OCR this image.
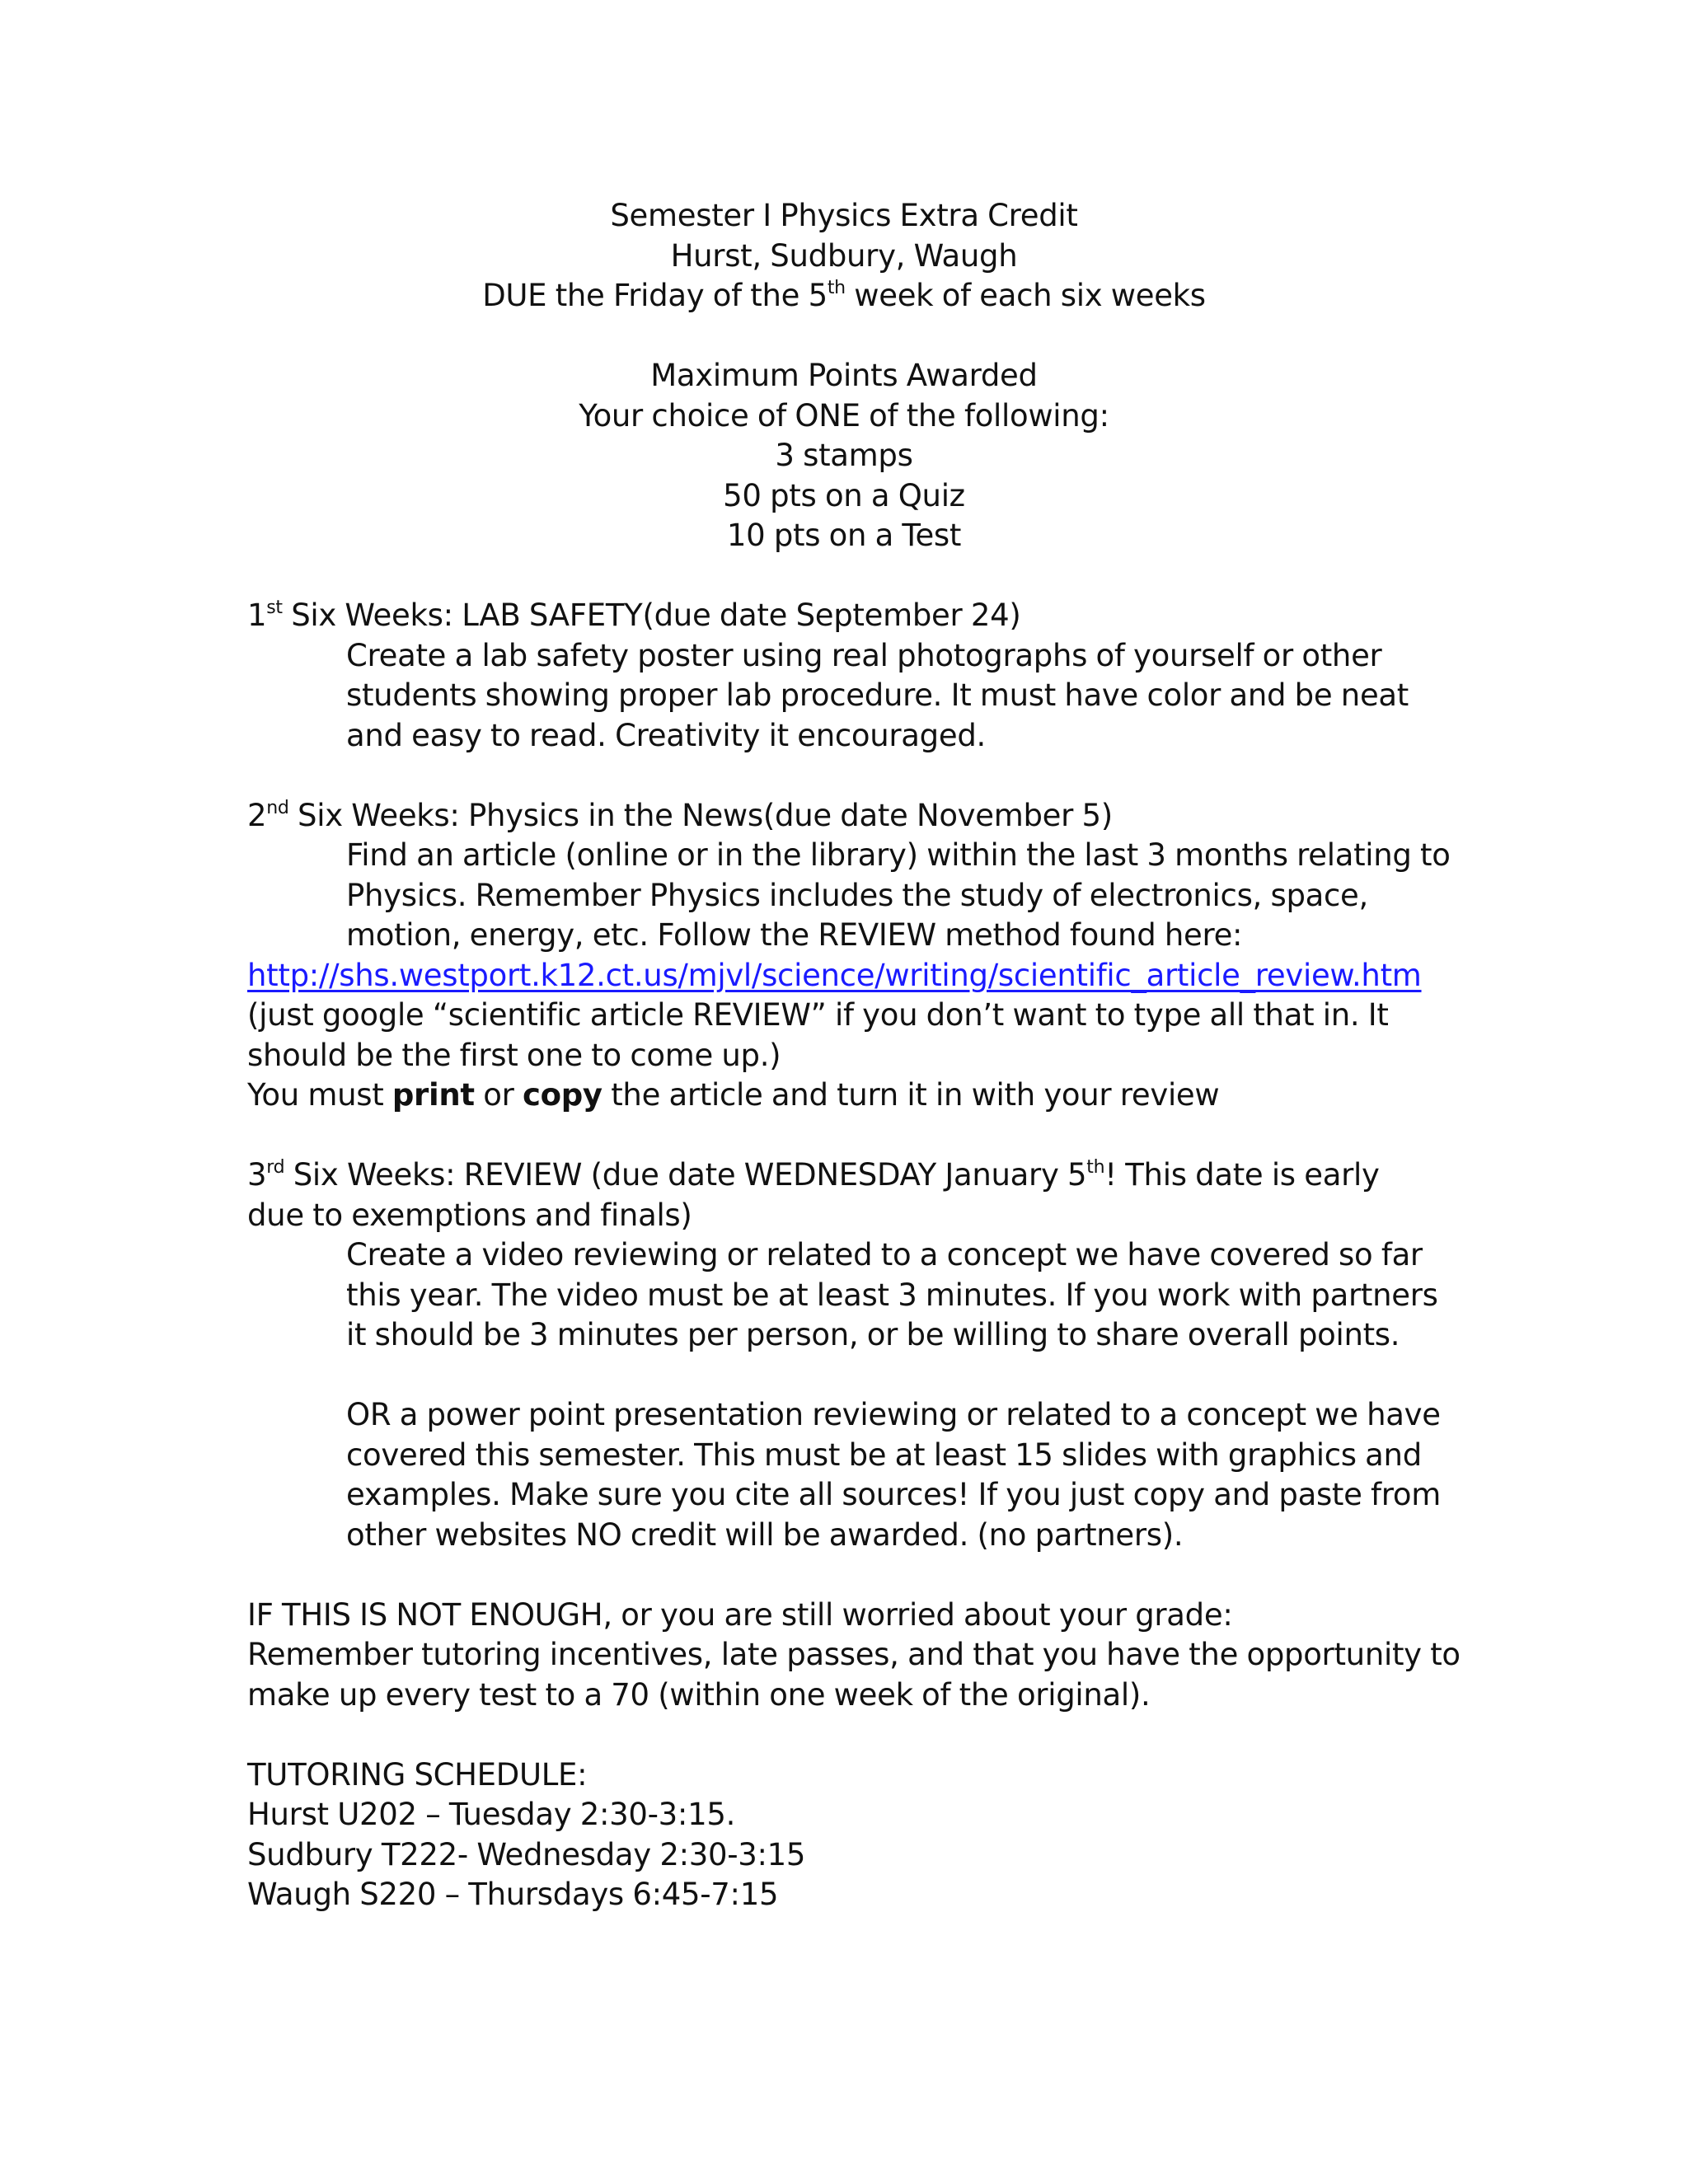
Semester I Physics Extra Credit
Hurst, Sudbury, Waugh
DUE the Friday of the 5th week of each six weeks
Maximum Points Awarded
Your choice of ONE of the following:
3 stamps
50 pts on a Quiz
10 pts on a Test
1st Six Weeks: LAB SAFETY(due date September 24)
Create a lab safety poster using real photographs of yourself or other
students showing proper lab procedure. It must have color and be neat
and easy to read. Creativity it encouraged.
2nd Six Weeks: Physics in the News(due date November 5)
Find an article (online or in the library) within the last 3 months relating to
Physics. Remember Physics includes the study of electronics, space,
motion, energy, etc. Follow the REVIEW method found here:
http://shs.westport.k12.ct.us/mjvl/science/writing/scientific_article_review.htm
(just google “scientific article REVIEW” if you don’t want to type all that in. It
should be the first one to come up.)
You must print or copy the article and turn it in with your review
3rd Six Weeks: REVIEW (due date WEDNESDAY January 5th! This date is early
due to exemptions and finals)
Create a video reviewing or related to a concept we have covered so far
this year. The video must be at least 3 minutes. If you work with partners
it should be 3 minutes per person, or be willing to share overall points.
OR a power point presentation reviewing or related to a concept we have
covered this semester. This must be at least 15 slides with graphics and
examples. Make sure you cite all sources! If you just copy and paste from
other websites NO credit will be awarded. (no partners).
IF THIS IS NOT ENOUGH, or you are still worried about your grade:
Remember tutoring incentives, late passes, and that you have the opportunity to
make up every test to a 70 (within one week of the original).
TUTORING SCHEDULE:
Hurst U202 – Tuesday 2:30-3:15.
Sudbury T222- Wednesday 2:30-3:15
Waugh S220 – Thursdays 6:45-7:15
